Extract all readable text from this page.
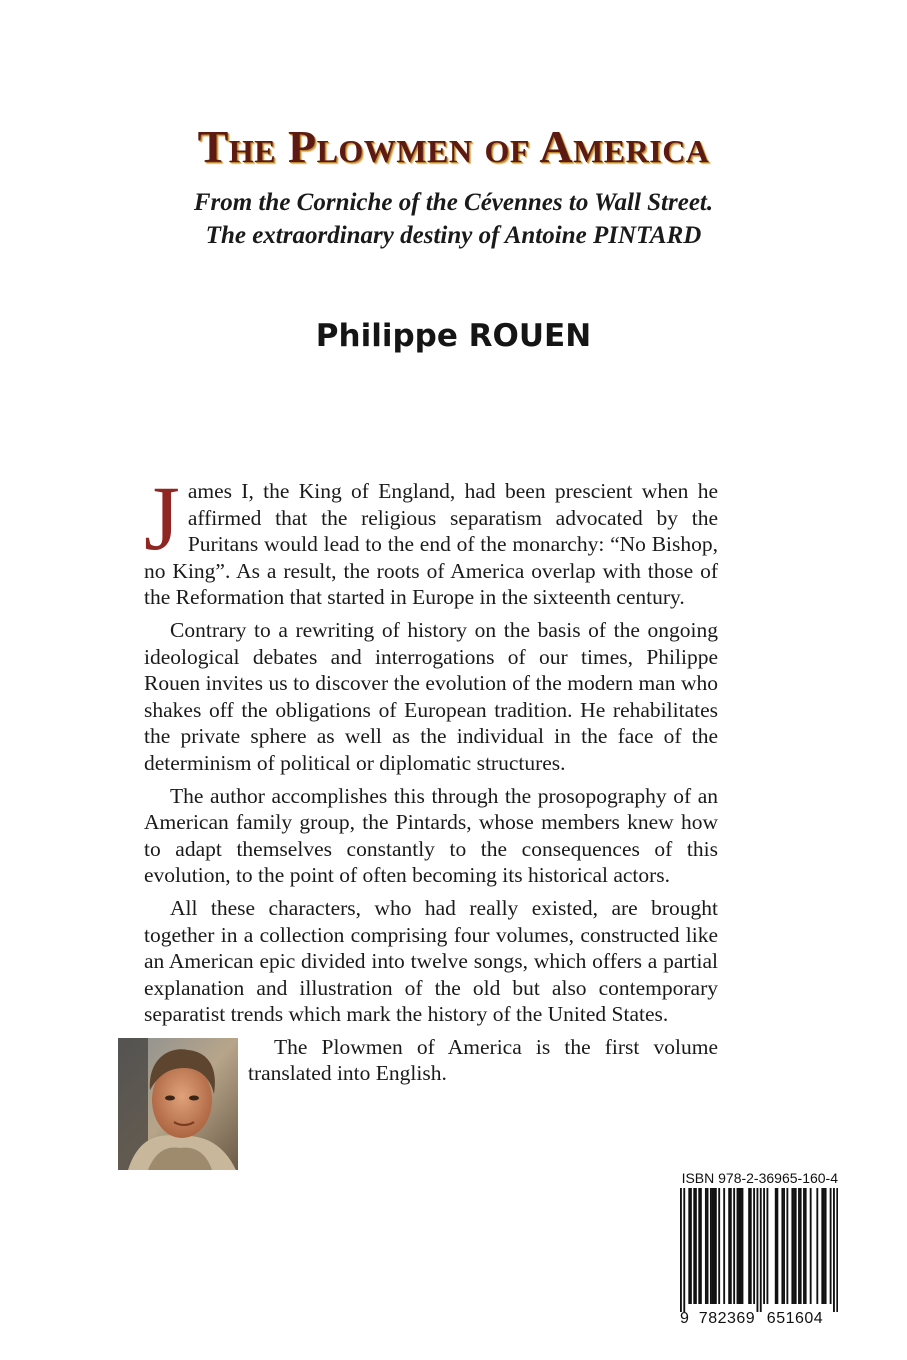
The Plowmen of America
From the Corniche of the Cévennes to Wall Street.
The extraordinary destiny of Antoine PINTARD
Philippe ROUEN

James I, the King of England, had been prescient when he affirmed that the religious separatism advocated by the Puritans would lead to the end of the monarchy: “No Bishop, no King”. As a result, the roots of America overlap with those of the Reformation that started in Europe in the sixteenth century.

Contrary to a rewriting of history on the basis of the ongoing ideological debates and interrogations of our times, Philippe Rouen invites us to discover the evolution of the modern man who shakes off the obligations of European tradition. He rehabilitates the private sphere as well as the individual in the face of the determinism of political or diplomatic structures.

The author accomplishes this through the prosopography of an American family group, the Pintards, whose members knew how to adapt themselves constantly to the consequences of this evolution, to the point of often becoming its historical actors.

All these characters, who had really existed, are brought together in a collection comprising four volumes, constructed like an American epic divided into twelve songs, which offers a partial explanation and illustration of the old but also contemporary separatist trends which mark the history of the United States.

The Plowmen of America is the first volume translated into English.

ISBN 978-2-36965-160-4
9 782369 651604
